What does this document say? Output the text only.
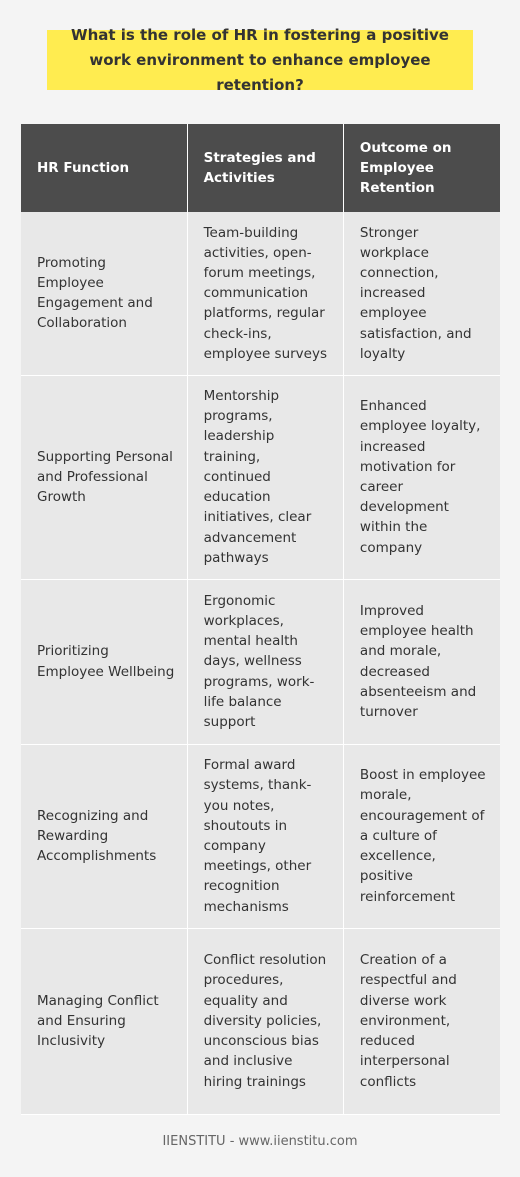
What is the role of HR in fostering a positive work environment to enhance employee retention?
HR Function	Strategies and Activities	Outcome on Employee Retention
Promoting Employee Engagement and Collaboration	Team-building activities, open-forum meetings, communication platforms, regular check-ins, employee surveys	Stronger workplace connection, increased employee satisfaction, and loyalty
Supporting Personal and Professional Growth	Mentorship programs, leadership training, continued education initiatives, clear advancement pathways	Enhanced employee loyalty, increased motivation for career development within the company
Prioritizing Employee Wellbeing	Ergonomic workplaces, mental health days, wellness programs, work-life balance support	Improved employee health and morale, decreased absenteeism and turnover
Recognizing and Rewarding Accomplishments	Formal award systems, thank-you notes, shoutouts in company meetings, other recognition mechanisms	Boost in employee morale, encouragement of a culture of excellence, positive reinforcement
Managing Conflict and Ensuring Inclusivity	Conflict resolution procedures, equality and diversity policies, unconscious bias and inclusive hiring trainings	Creation of a respectful and diverse work environment, reduced interpersonal conflicts
IIENSTITU - www.iienstitu.com
